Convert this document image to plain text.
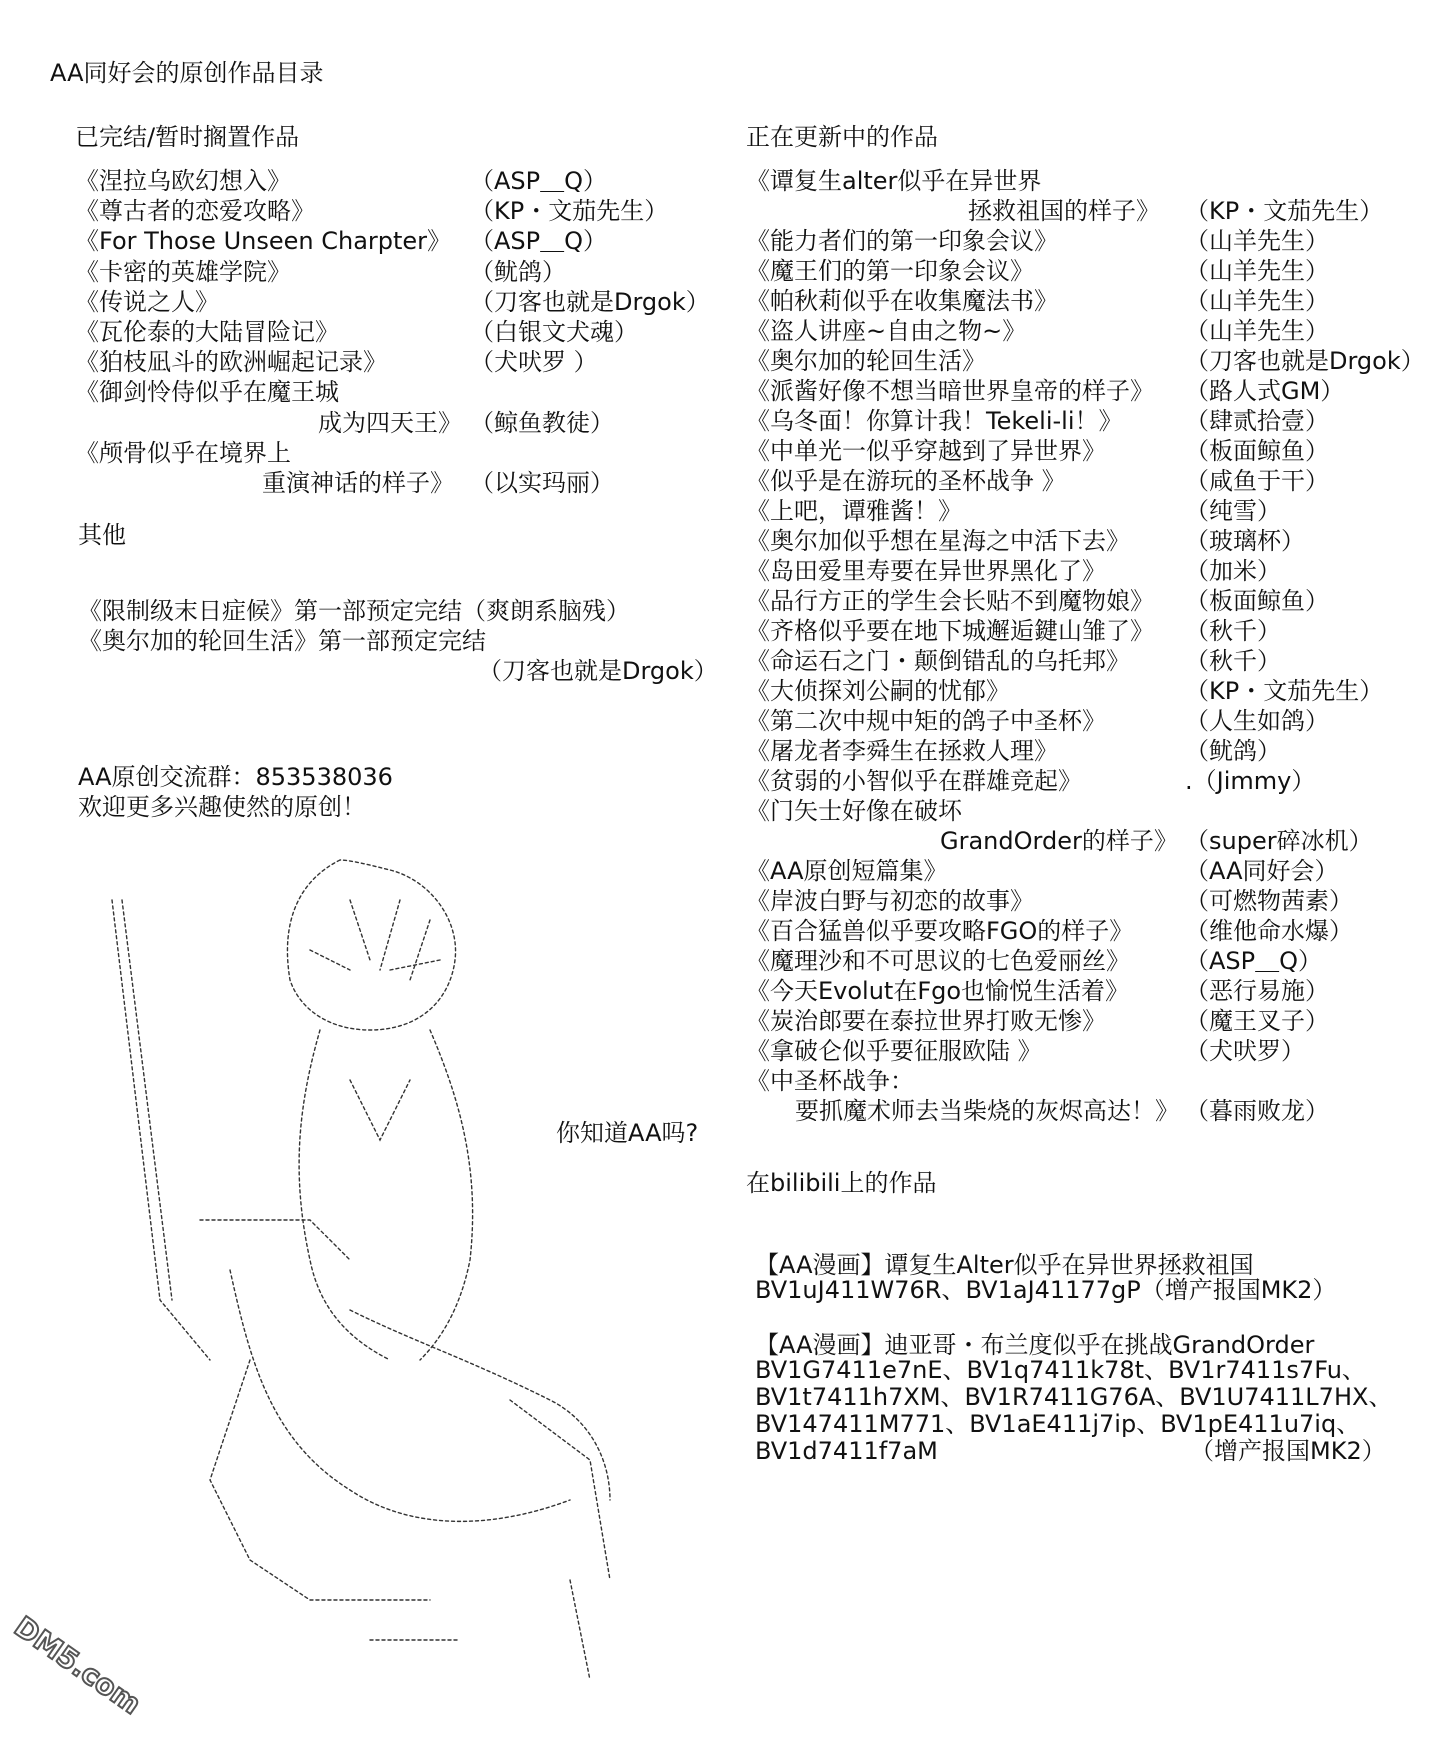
AA同好会的原创作品目录
已完结/暂时搁置作品
《涅拉乌欧幻想入》	（ASP＿Q）
《尊古者的恋爱攻略》	（KP・文茄先生）
《For Those Unseen Charpter》 （ASP＿Q）
《卡密的英雄学院》	（鱿鸽）
《传说之人》	（刀客也就是Drgok）
《瓦伦泰的大陆冒险记》	（白银文犬魂）
《狛枝凪斗的欧洲崛起记录》	（犬吠罗 ）
《御剑怜侍似乎在魔王城
成为四天王》 （鲸鱼教徒）
《颅骨似乎在境界上
重演神话的样子》 （以实玛丽）
其他
《限制级末日症候》第一部预定完结（爽朗系脑残）
《奥尔加的轮回生活》第一部预定完结
（刀客也就是Drgok）
AA原创交流群：853538036
欢迎更多兴趣使然的原创！
你知道AA吗?
正在更新中的作品
《谭复生alter似乎在异世界
拯救祖国的样子》 （KP・文茄先生）
《能力者们的第一印象会议》	（山羊先生）
《魔王们的第一印象会议》	（山羊先生）
《帕秋莉似乎在收集魔法书》	（山羊先生）
《盗人讲座~自由之物~》	（山羊先生）
《奥尔加的轮回生活》	（刀客也就是Drgok）
《派酱好像不想当暗世界皇帝的样子》 （路人式GM）
《乌冬面！你算计我！Tekeli-li！》	（肆贰拾壹）
《中单光一似乎穿越到了异世界》	（板面鲸鱼）
《似乎是在游玩的圣杯战争 》	（咸鱼于干）
《上吧，谭雅酱！》	（纯雪）
《奥尔加似乎想在星海之中活下去》 （玻璃杯）
《岛田爱里寿要在异世界黑化了》	（加米）
《品行方正的学生会长贴不到魔物娘》 （板面鲸鱼）
《齐格似乎要在地下城邂逅鍵山雏了》 （秋千）
《命运石之门・颠倒错乱的乌托邦》 （秋千）
《大侦探刘公嗣的忧郁》	（KP・文茄先生）
《第二次中规中矩的鸽子中圣杯》	（人生如鸽）
《屠龙者李舜生在拯救人理》	（鱿鸽）
《贫弱的小智似乎在群雄竞起》	.（Jimmy）
《门矢士好像在破坏
GrandOrder的样子》 （super碎冰机）
《AA原创短篇集》	（AA同好会）
《岸波白野与初恋的故事》	（可燃物茜素）
《百合猛兽似乎要攻略FGO的样子》 （维他命水爆）
《魔理沙和不可思议的七色爱丽丝》 （ASP＿Q）
《今天Evolut在Fgo也愉悦生活着》 （恶行易施）
《炭治郎要在泰拉世界打败无惨》	（魔王叉子）
《拿破仑似乎要征服欧陆 》	（犬吠罗）
《中圣杯战争：
要抓魔术师去当柴烧的灰烬高达！》 （暮雨败龙）
在bilibili上的作品
【AA漫画】谭复生Alter似乎在异世界拯救祖国
BV1uJ411W76R、BV1aJ41177gP（增产报国MK2）
【AA漫画】迪亚哥・布兰度似乎在挑战GrandOrder
BV1G7411e7nE、BV1q7411k78t、BV1r7411s7Fu、
BV1t7411h7XM、BV1R7411G76A、BV1U7411L7HX、
BV147411M771、BV1aE411j7ip、BV1pE411u7iq、
BV1d7411f7aM	（增产报国MK2）
DM5.com
